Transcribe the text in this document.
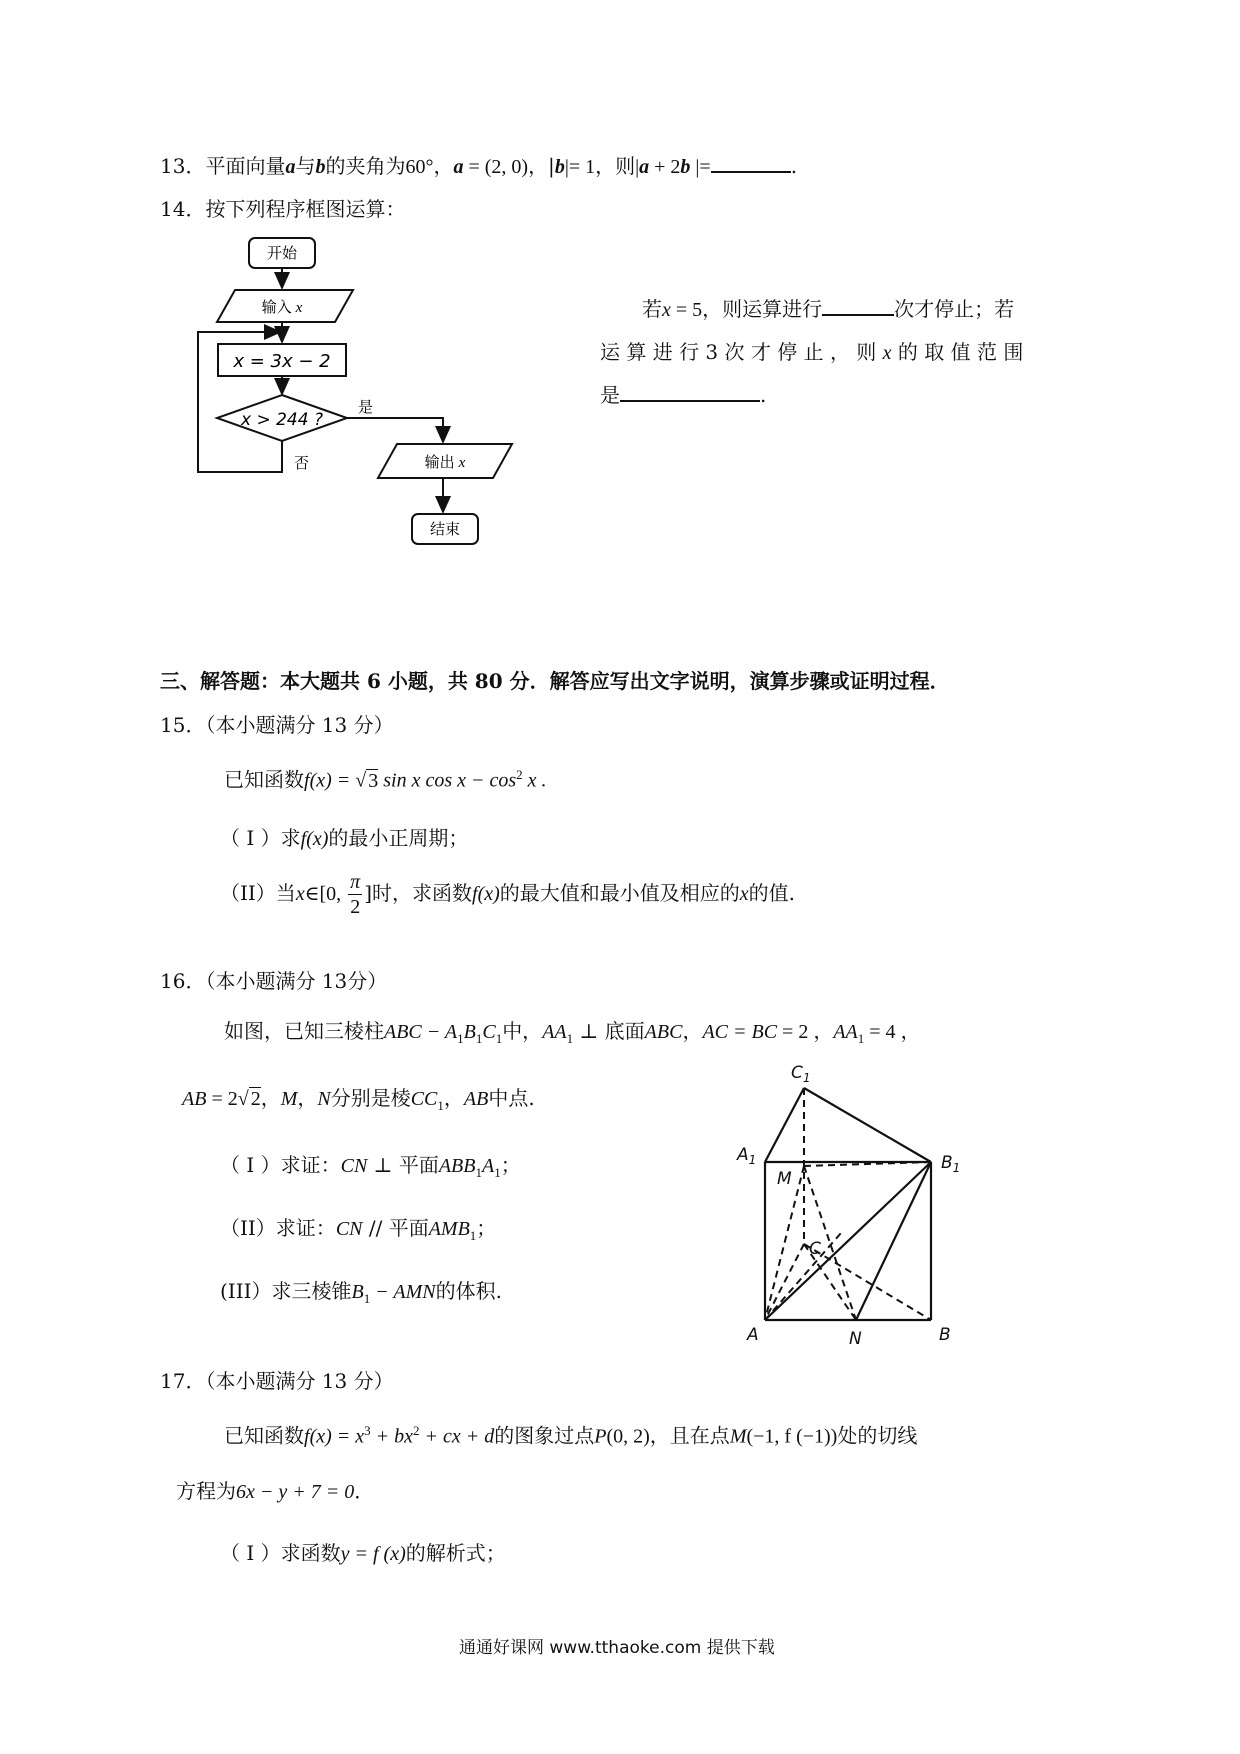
13．平面向量a与b的夹角为60°，a = (2, 0)，|b|= 1，则|a + 2b |=	.
14．按下列程序框图运算：
开始
输入 x
x = 3x − 2
x > 244 ?
是
否	输出 x
结束
若x = 5，则运算进行	次才停止；若
运 算 进 行 3 次 才 停 止 ， 则 x 的 取 值 范 围
是	.
三、解答题：本大题共 6 小题，共 80 分．解答应写出文字说明，演算步骤或证明过程．
15．（本小题满分 13 分）
已知函数f(x) = √ 3 sin x $\cos x - \cos^2 x$ .
（ I ）求f(x)的最小正周期；
（II）当x∈[0, $\frac{\pi}{2}$ ]时，求函数f(x)的最大值和最小值及相应的x的值.
16．（本小题满分 13分）
如图，已知三棱柱ABC − $A_1B_1C_1$中，$AA_1$ ⊥ 底面ABC，AC = BC = 2 ，$AA_1 = 4$ ，
AB = 2√ 2，M，N分别是棱$CC_1$，AB中点.
（ I ）求证：CN ⊥ 平面$ABB_1A_1$；
（II）求证：CN // 平面$AMB_1$；
(III）求三棱锥$B_1$ − AMN的体积.
$C_1$
$A_1$	$B_1$
M
C
A	N	B
17．（本小题满分 13 分）
已知函数$f(x) = x^3 + bx^2$ + cx + d的图象过点P(0, 2)，且在点M(−1, f (−1))处的切线
方程为6x − y + 7 = 0．
（ I ）求函数y = f (x)的解析式；
通通好课网 www.tthaoke.com 提供下载
